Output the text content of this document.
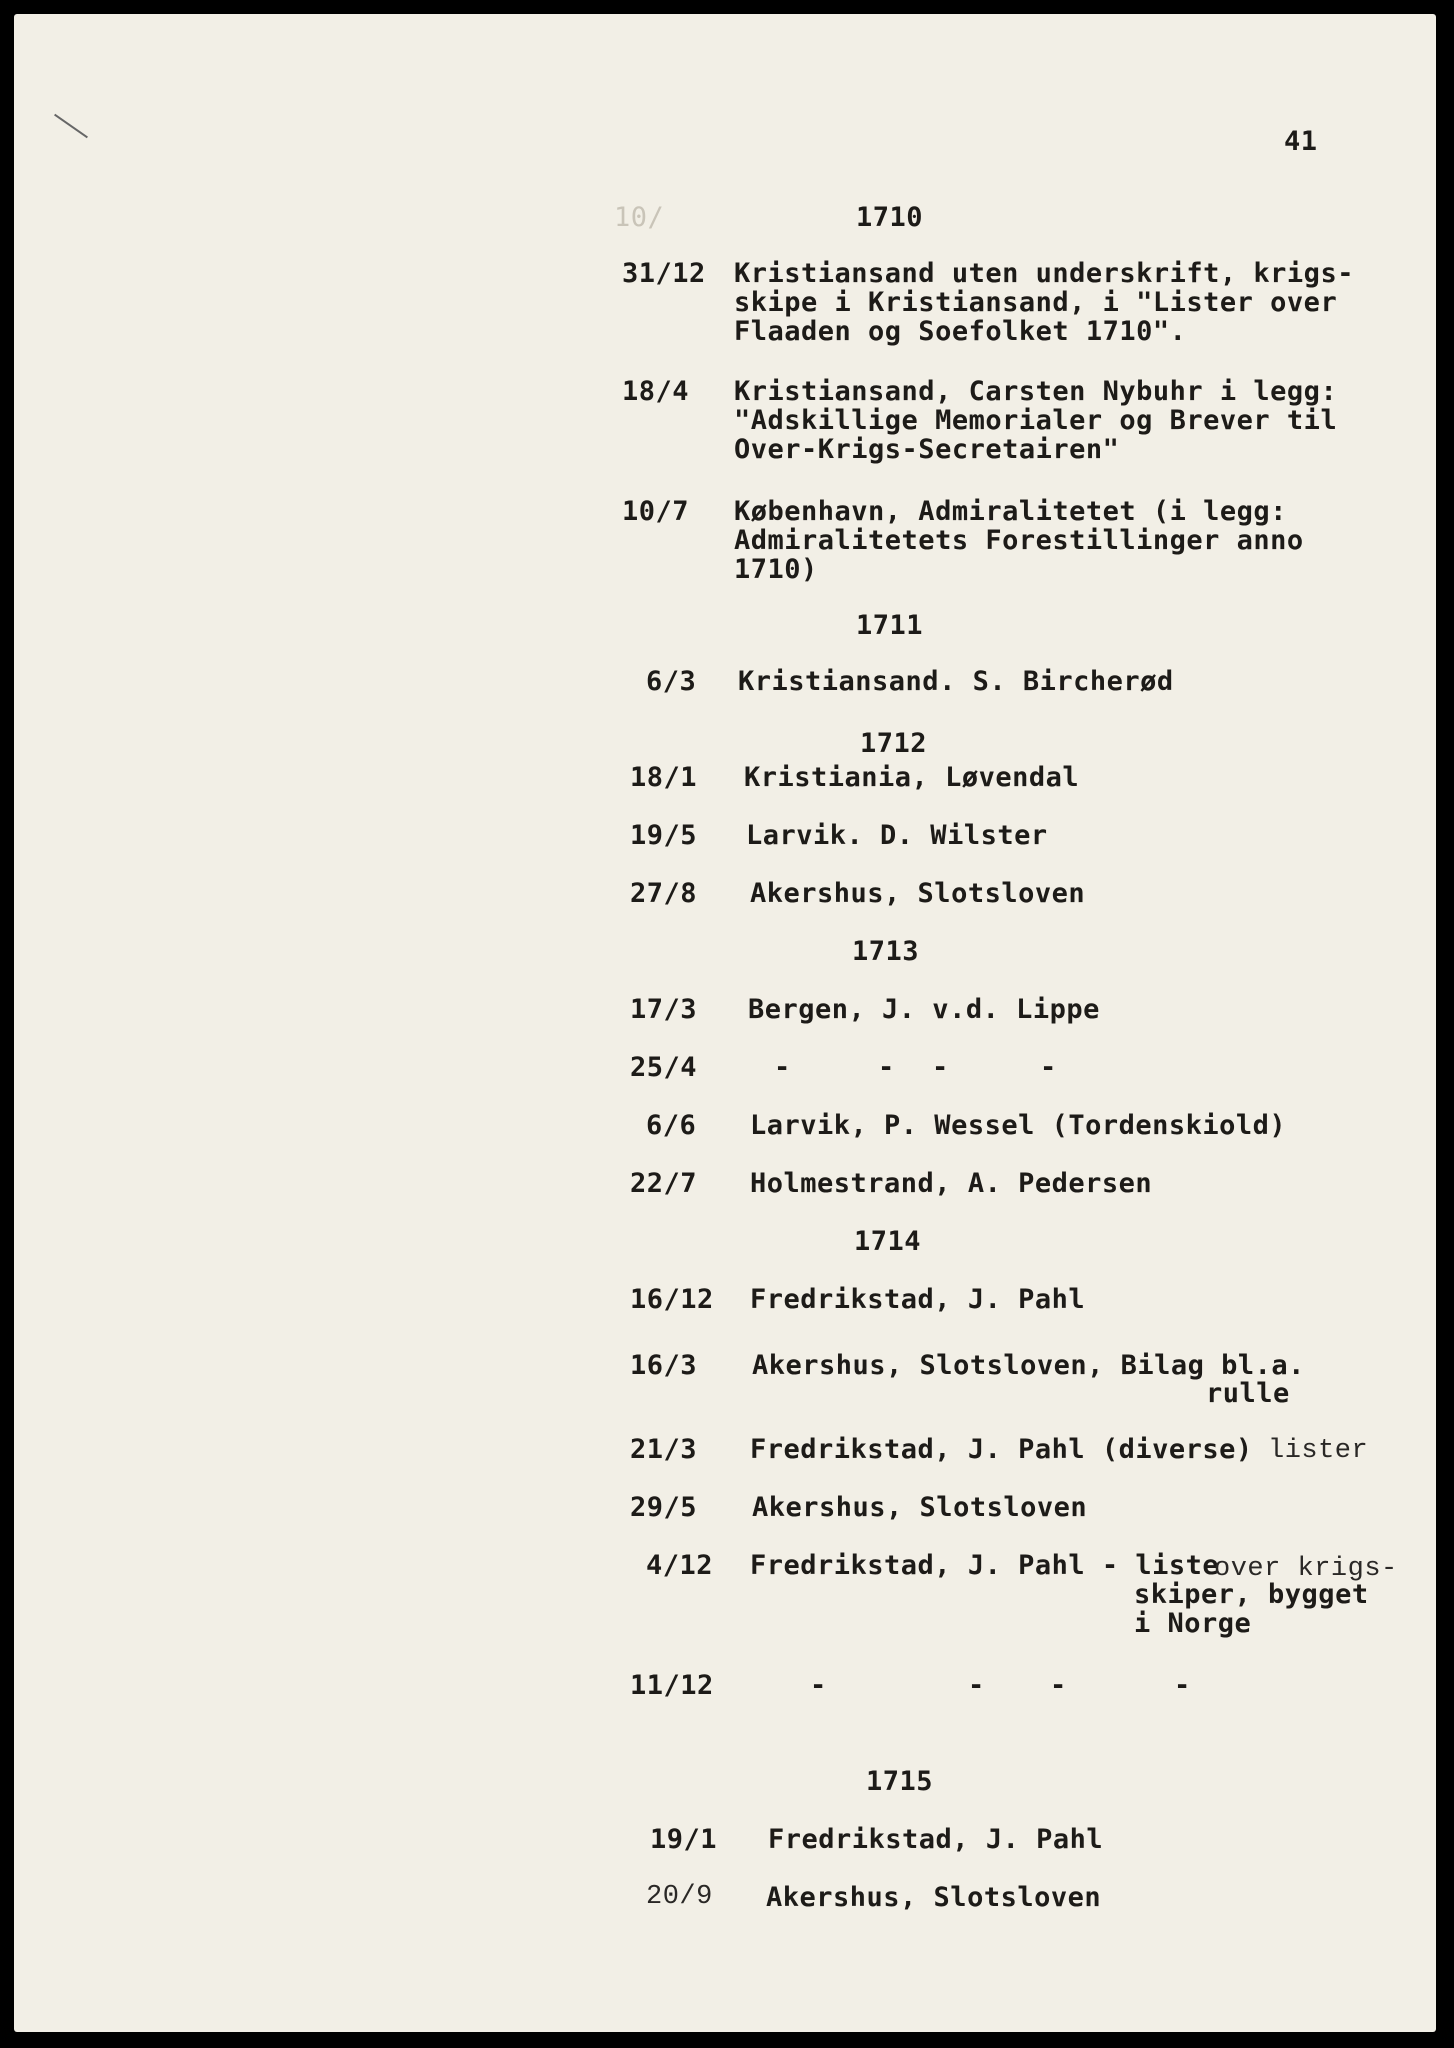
41
10/	1710
31/12 Kristiansand uten underskrift, krigs-
skipe i Kristiansand, i "Lister over
Flaaden og Soefolket 1710".
18/4 Kristiansand, Carsten Nybuhr i legg:
"Adskillige Memorialer og Brever til
Over-Krigs-Secretairen"
10/7 København, Admiralitetet (i legg:
Admiralitetets Forestillinger anno
1710)
1711
6/3 Kristiansand. S. Bircherød
1712
18/1 Kristiania, Løvendal
19/5 Larvik. D. Wilster
27/8 Akershus, Slotsloven
1713
17/3 Bergen, J. v.d. Lippe
25/4	-	- -	-
6/6 Larvik, P. Wessel (Tordenskiold)
22/7 Holmestrand, A. Pedersen
1714
16/12 Fredrikstad, J. Pahl
16/3 Akershus, Slotsloven, Bilag bl.a.
rulle
21/3 Fredrikstad, J. Pahl (diverse) lister
29/5 Akershus, Slotsloven
4/12 Fredrikstad, J. Pahl - liste
over krigs-
skiper, bygget
i Norge
11/12	-	- -	-
1715
19/1 Fredrikstad, J. Pahl
20/9 Akershus, Slotsloven
